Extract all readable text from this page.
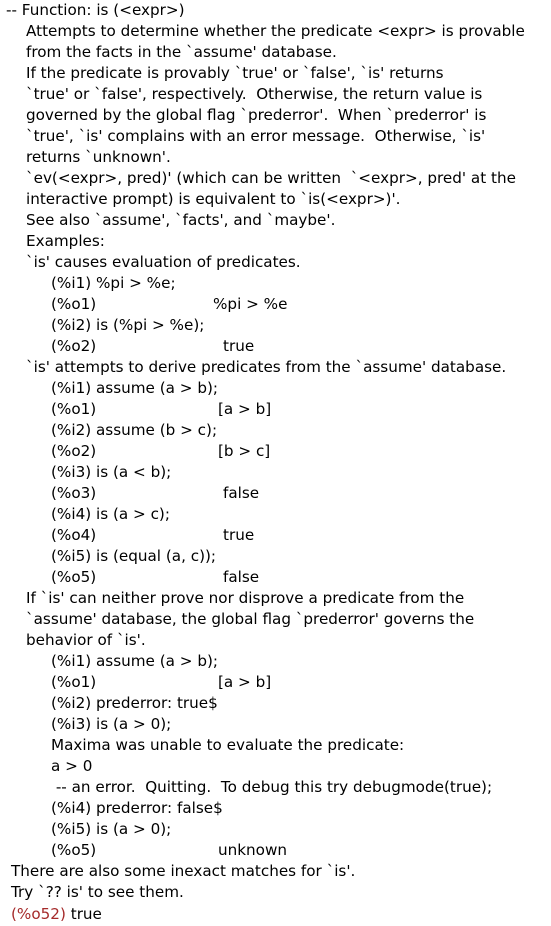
-- Function: is (<expr>)
Attempts to determine whether the predicate <expr> is provable
from the facts in the `assume' database.
If the predicate is provably `true' or `false', `is' returns
`true' or `false', respectively.  Otherwise, the return value is
governed by the global flag `prederror'.  When `prederror' is
`true', `is' complains with an error message.  Otherwise, `is'
returns `unknown'.
`ev(<expr>, pred)' (which can be written  `<expr>, pred' at the
interactive prompt) is equivalent to `is(<expr>)'.
See also `assume', `facts', and `maybe'.
Examples:
`is' causes evaluation of predicates.
(%i1) %pi > %e;
(%o1)	%pi > %e
(%i2) is (%pi > %e);
(%o2)	true
`is' attempts to derive predicates from the `assume' database.
(%i1) assume (a > b);
(%o1)	[a > b]
(%i2) assume (b > c);
(%o2)	[b > c]
(%i3) is (a < b);
(%o3)	false
(%i4) is (a > c);
(%o4)	true
(%i5) is (equal (a, c));
(%o5)	false
If `is' can neither prove nor disprove a predicate from the
`assume' database, the global flag `prederror' governs the
behavior of `is'.
(%i1) assume (a > b);
(%o1)	[a > b]
(%i2) prederror: true$
(%i3) is (a > 0);
Maxima was unable to evaluate the predicate:
a > 0
-- an error.  Quitting.  To debug this try debugmode(true);
(%i4) prederror: false$
(%i5) is (a > 0);
(%o5)	unknown
There are also some inexact matches for `is'.
Try `?? is' to see them.
(%o52) true
